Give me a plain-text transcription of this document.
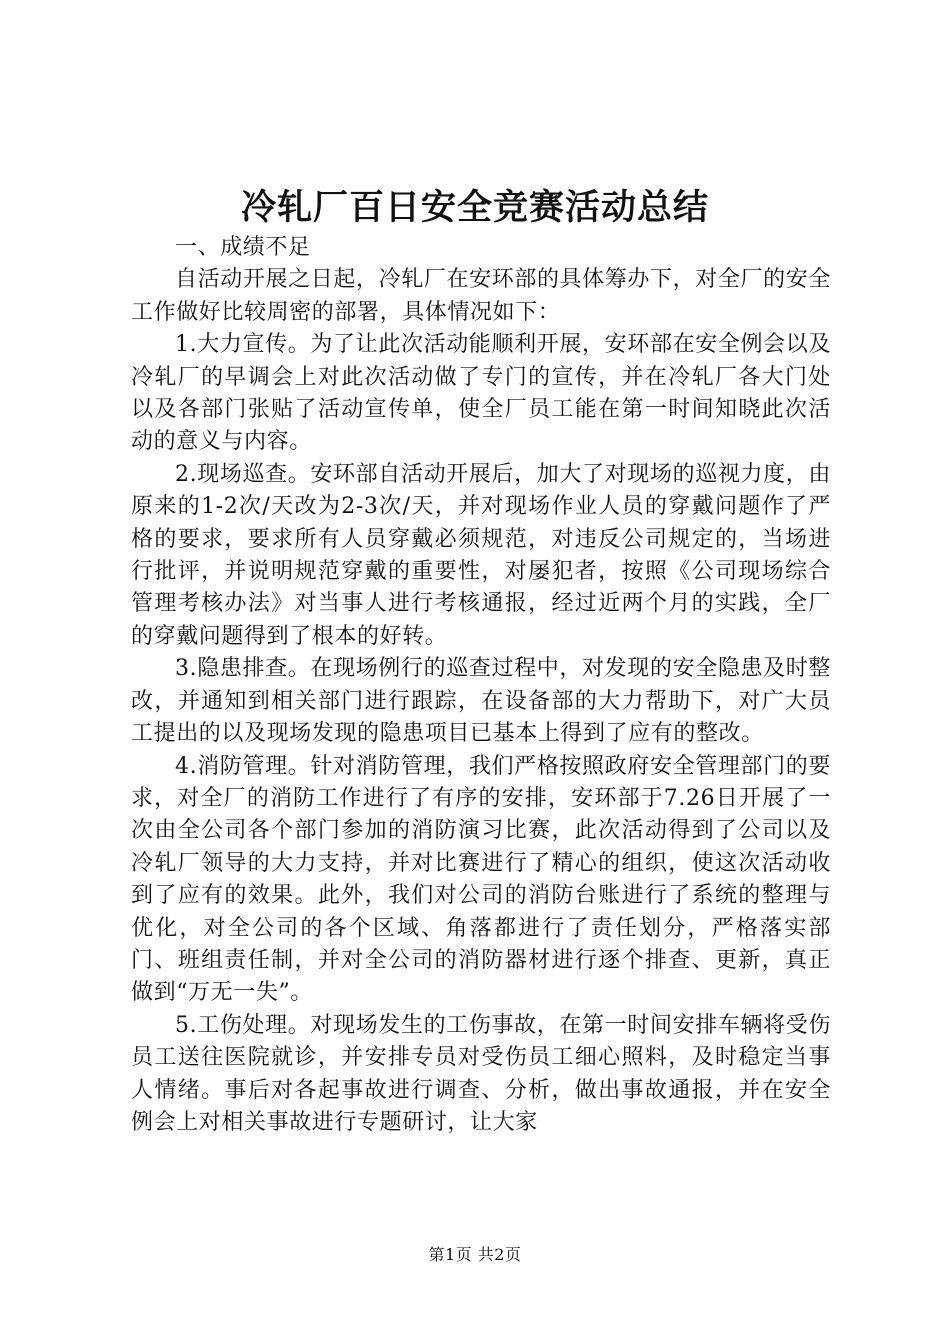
冷轧厂百日安全竞赛活动总结
一、成绩不足

自活动开展之日起，冷轧厂在安环部的具体筹办下，对全厂的安全工作做好比较周密的部署，具体情况如下：

1.大力宣传。为了让此次活动能顺利开展，安环部在安全例会以及冷轧厂的早调会上对此次活动做了专门的宣传，并在冷轧厂各大门处以及各部门张贴了活动宣传单，使全厂员工能在第一时间知晓此次活动的意义与内容。

2.现场巡查。安环部自活动开展后，加大了对现场的巡视力度，由原来的1-2次/天改为2-3次/天，并对现场作业人员的穿戴问题作了严格的要求，要求所有人员穿戴必须规范，对违反公司规定的，当场进行批评，并说明规范穿戴的重要性，对屡犯者，按照《公司现场综合管理考核办法》对当事人进行考核通报，经过近两个月的实践，全厂的穿戴问题得到了根本的好转。

3.隐患排查。在现场例行的巡查过程中，对发现的安全隐患及时整改，并通知到相关部门进行跟踪，在设备部的大力帮助下，对广大员工提出的以及现场发现的隐患项目已基本上得到了应有的整改。

4.消防管理。针对消防管理，我们严格按照政府安全管理部门的要求，对全厂的消防工作进行了有序的安排，安环部于7.26日开展了一次由全公司各个部门参加的消防演习比赛，此次活动得到了公司以及冷轧厂领导的大力支持，并对比赛进行了精心的组织，使这次活动收到了应有的效果。此外，我们对公司的消防台账进行了系统的整理与优化，对全公司的各个区域、角落都进行了责任划分，严格落实部门、班组责任制，并对全公司的消防器材进行逐个排查、更新，真正做到“万无一失”。

5.工伤处理。对现场发生的工伤事故，在第一时间安排车辆将受伤员工送往医院就诊，并安排专员对受伤员工细心照料，及时稳定当事人情绪。事后对各起事故进行调查、分析，做出事故通报，并在安全例会上对相关事故进行专题研讨，让大家

第1页 共2页
